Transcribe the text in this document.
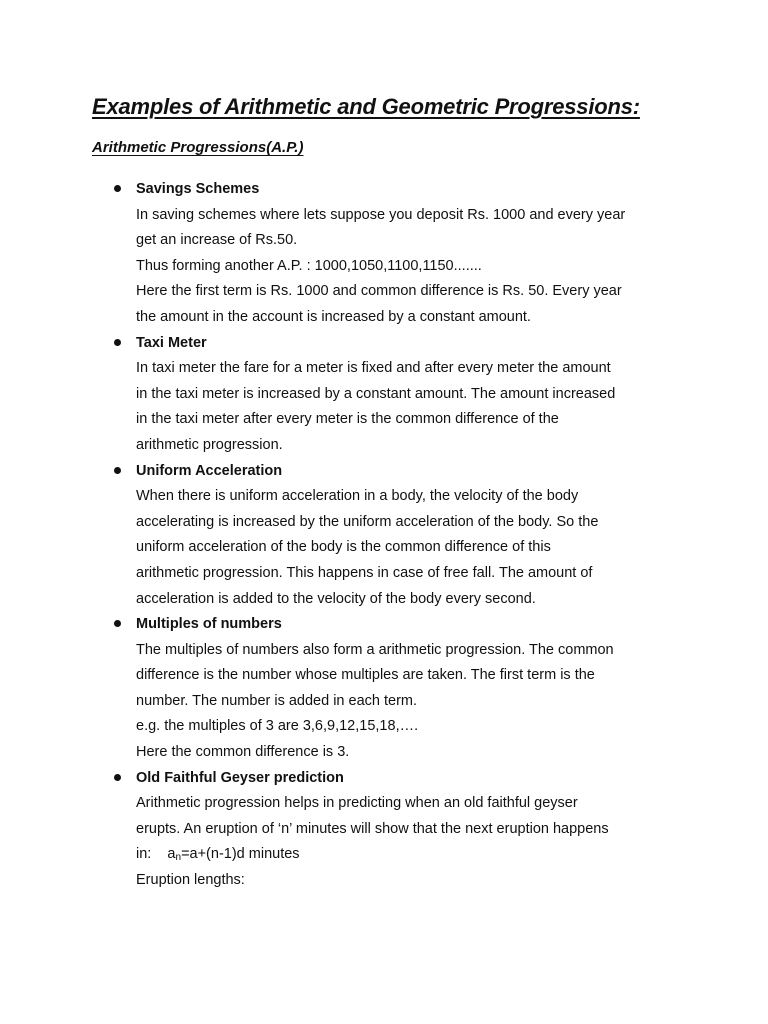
Examples of Arithmetic and Geometric Progressions:
Arithmetic Progressions(A.P.)
Savings Schemes
In saving schemes where lets suppose you deposit Rs. 1000 and every year
get an increase of Rs.50.
Thus forming another A.P. : 1000,1050,1100,1150.......
Here the first term is Rs. 1000 and common difference is Rs. 50. Every year
the amount in the account is increased by a constant amount.
Taxi Meter
In taxi meter the fare for a meter is fixed and after every meter the amount
in the taxi meter is increased by a constant amount. The amount increased
in the taxi meter after every meter is the common difference of the
arithmetic progression.
Uniform Acceleration
When there is uniform acceleration in a body, the velocity of the body
accelerating is increased by the uniform acceleration of the body. So the
uniform acceleration of the body is the common difference of this
arithmetic progression. This happens in case of free fall. The amount of
acceleration is added to the velocity of the body every second.
Multiples of numbers
The multiples of numbers also form a arithmetic progression. The common
difference is the number whose multiples are taken. The first term is the
number. The number is added in each term.
e.g. the multiples of 3 are 3,6,9,12,15,18,….
Here the common difference is 3.
Old Faithful Geyser prediction
Arithmetic progression helps in predicting when an old faithful geyser
erupts. An eruption of ‘n’ minutes will show that the next eruption happens
in:    $a_n=a+(n-1)d$ minutes
Eruption lengths:
